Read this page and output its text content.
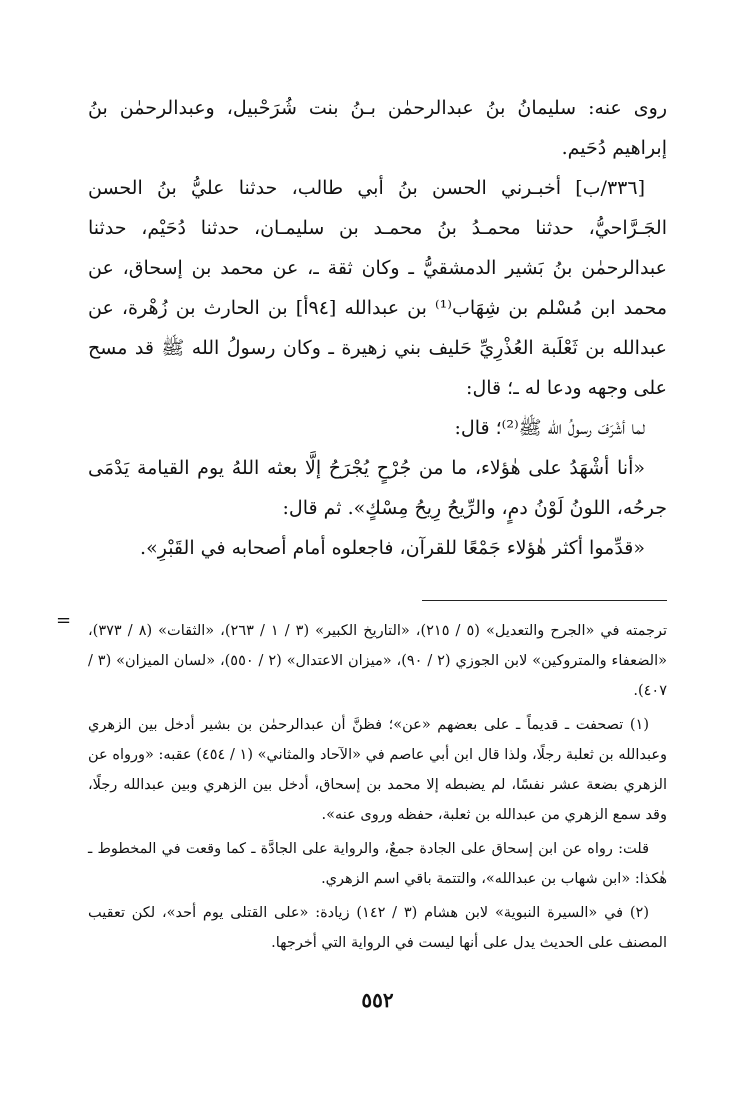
روى عنه: سليمانُ بنُ عبدالرحمٰن بـنُ بنت شُرَحْبيل، وعبدالرحمٰن بنُ إبراهيم دُحَيم.

[٣٣٦/ب] أخبـرني الحسن بنُ أبي طالب، حدثنا عليُّ بنُ الحسن الجَـرَّاحيُّ، حدثنا محمـدُ بنُ محمـد بن سليمـان، حدثنا دُحَيْم، حدثنا عبدالرحمٰن بنُ بَشير الدمشقيُّ ـ وكان ثقة ـ، عن محمد بن إسحاق، عن محمد ابن مُسْلم بن شِهَاب⁽¹⁾ بن عبدالله [٩٤أ] بن الحارث بن زُهْرة، عن عبدالله بن ثَعْلَبة العُذْرِيِّ حَليف بني زهيرة ـ وكان رسولُ الله ﷺ قد مسح على وجهه ودعا له ـ؛ قال:

لما أشْرَفَ رسولُ الله ﷺ⁽²⁾؛ قال:

«أنا أشْهَدُ على هٰؤلاء، ما من جُرْحٍ يُجْرَحُ إلَّا بعثه اللهُ يوم القيامة يَدْمَى جرحُه، اللونُ لَوْنُ دمٍ، والرِّيحُ رِيحُ مِسْكٍ». ثم قال:

«قدِّموا أكثر هٰؤلاء جَمْعًا للقرآن، فاجعلوه أمام أصحابه في القَبْرِ».

= ترجمته في «الجرح والتعديل» (٥ / ٢١٥)، «التاريخ الكبير» (٣ / ١ / ٢٦٣)، «الثقات» (٨ / ٣٧٣)، «الضعفاء والمتروكين» لابن الجوزي (٢ / ٩٠)، «ميزان الاعتدال» (٢ / ٥٥٠)، «لسان الميزان» (٣ / ٤٠٧).

(١) تصحفت ـ قديماً ـ على بعضهم «عن»؛ فظنَّ أن عبدالرحمٰن بن بشير أدخل بين الزهري وعبدالله بن ثعلبة رجلًا، ولذا قال ابن أبي عاصم في «الآحاد والمثاني» (١ / ٤٥٤) عقبه: «ورواه عن الزهري بضعة عشر نفسًا، لم يضبطه إلا محمد بن إسحاق، أدخل بين الزهري وبين عبدالله رجلًا، وقد سمع الزهري من عبدالله بن ثعلبة، حفظه وروى عنه».

قلت: رواه عن ابن إسحاق على الجادة جمعٌ، والرواية على الجادَّة ـ كما وقعت في المخطوط ـ هٰكذا: «ابن شهاب بن عبدالله»، والتتمة باقي اسم الزهري.

(٢) في «السيرة النبوية» لابن هشام (٣ / ١٤٢) زيادة: «على القتلى يوم أحد»، لكن تعقيب المصنف على الحديث يدل على أنها ليست في الرواية التي أخرجها.

٥٥٢
